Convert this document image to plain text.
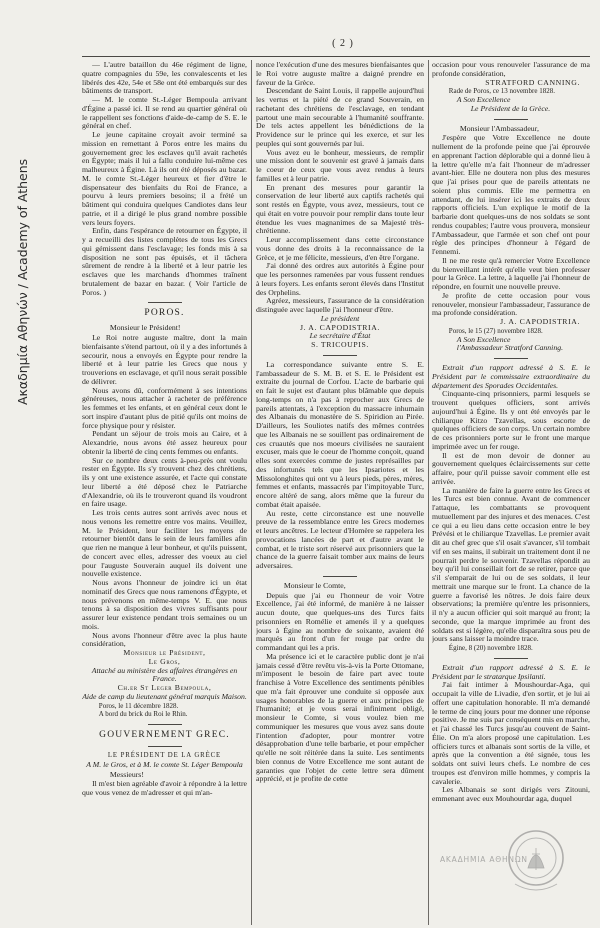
Ακαδημία Αθηνών / Academy of Athens
( 2 )

— L'autre bataillon du 46e régiment de ligne, quatre compagnies du 59e, les convalescents et les libérés des 42e, 54e et 58e ont été embarqués sur des bâtiments de transport.

— M. le comte St.-Léger Bempoula arrivant d'Égine a passé ici. Il se rend au quartier général où le rappellent ses fonctions d'aide-de-camp de S. E. le général en chef.

Le jeune capitaine croyait avoir terminé sa mission en remettant à Poros entre les mains du gouvernement grec les esclaves qu'il avait rachetés en Égypte; mais il lui a fallu conduire lui-même ces malheureux à Égine. Là ils ont été déposés au bazar. M. le comte St.-Léger heureux et fier d'être le dispensateur des bienfaits du Roi de France, a pourvu à leurs premiers besoins; il a frété un bâtiment qui conduira quelques Candiotes dans leur patrie, et il a dirigé le plus grand nombre possible vers leurs foyers.

Enfin, dans l'espérance de retourner en Égypte, il y a recueilli des listes complètes de tous les Grecs qui gémissent dans l'esclavage; les fonds mis à sa disposition ne sont pas épuisés, et il tâchera sûrement de rendre à la liberté et à leur patrie les esclaves que les marchands d'hommes traînent brutalement de bazar en bazar. ( Voir l'article de Poros. )

POROS.

Monsieur le Président!

Le Roi notre auguste maître, dont la main bienfaisante s'étend partout, où il y a des infortunés à secourir, nous a envoyés en Égypte pour rendre la liberté et à leur patrie les Grecs que nous y trouverions en esclavage, et qu'il nous serait possible de délivrer.

Nous avons dû, conformément à ses intentions généreuses, nous attacher à racheter de préférence les femmes et les enfants, et en général ceux dont le sort inspire d'autant plus de pitié qu'ils ont moins de force physique pour y résister.

Pendant un séjour de trois mois au Caire, et à Alexandrie, nous avons été assez heureux pour obtenir la liberté de cinq cents femmes ou enfants.

Sur ce nombre deux cents à-peu-près ont voulu rester en Égypte. Ils s'y trouvent chez des chrétiens, ils y ont une existence assurée, et l'acte qui constate leur liberté a été déposé chez le Patriarche d'Alexandrie, où ils le trouveront quand ils voudront en faire usage.

Les trois cents autres sont arrivés avec nous et nous venons les remettre entre vos mains. Veuillez, M. le Président, leur faciliter les moyens de retourner bientôt dans le sein de leurs familles afin que rien ne manque à leur bonheur, et qu'ils puissent, de concert avec elles, adresser des voeux au ciel pour l'auguste Souverain auquel ils doivent une nouvelle existence.

Nous avons l'honneur de joindre ici un état nominatif des Grecs que nous ramenons d'Égypte, et nous prévenons en même-temps V. E. que nous tenons à sa disposition des vivres suffisants pour assurer leur existence pendant trois semaines ou un mois.

Nous avons l'honneur d'être avec la plus haute considération,

Monsieur le Président,

Le Gros,

Attaché au ministère des affaires étrangères en France.

Ch.er St Leger Bempoula,

Aide de camp du lieutenant général marquis Maison.

Poros, le 11 décembre 1828.

A bord du brick du Roi le Rhin.

GOUVERNEMENT GREC.

LE PRÉSIDENT DE LA GRÈCE

A M. le Gros, et à M. le comte St. Léger Bempoula

Messieurs!

Il m'est bien agréable d'avoir à répondre à la lettre que vous venez de m'adresser et qui m'an-

nonce l'exécution d'une des mesures bienfaisantes que le Roi votre auguste maître a daigné prendre en faveur de la Grèce.

Descendant de Saint Louis, il rappelle aujourd'hui les vertus et la piété de ce grand Souverain, en rachetant des chrétiens de l'esclavage, en tendant partout une main secourable à l'humanité souffrante. De tels actes appellent les bénédictions de la Providence sur le prince qui les exerce, et sur les peuples qui sont gouvernés par lui.

Vous avez eu le bonheur, messieurs, de remplir une mission dont le souvenir est gravé à jamais dans le coeur de ceux que vous avez rendus à leurs familles et à leur patrie.

En prenant des mesures pour garantir la conservation de leur liberté aux captifs rachetés qui sont restés en Égypte, vous avez, messieurs, tout ce qui était en votre pouvoir pour remplir dans toute leur étendue les vues magnanimes de sa Majesté très-chrétienne.

Leur accomplissement dans cette circonstance vous donne des droits à la reconnaissance de la Grèce, et je me félicite, messieurs, d'en être l'organe.

J'ai donné des ordres aux autorités à Égine pour que les personnes ramenées par vous fussent rendues à leurs foyers. Les enfants seront élevés dans l'Institut des Orphelins.

Agréez, messieurs, l'assurance de la considération distinguée avec laquelle j'ai l'honneur d'être.

Le président

J. A. CAPODISTRIA.

Le secrétaire d'État

S. TRICOUPIS.

La correspondance suivante entre S. E. l'ambassadeur de S. M. B. et S. E. le Président est extraite du journal de Corfou. L'acte de barbarie qui en fait le sujet est d'autant plus blâmable que depuis long-temps on n'a pas à reprocher aux Grecs de pareils attentats, à l'exception du massacre inhumain des Albanais du monastère de S. Spiridion au Pirée. D'ailleurs, les Souliotes natifs des mêmes contrées que les Albanais ne se souillent pas ordinairement de ces cruautés que nos moeurs civilisées ne sauraient excuser, mais que le coeur de l'homme conçoit, quand elles sont exercées comme de justes représailles par des infortunés tels que les Ipsariotes et les Missolonghites qui ont vu à leurs pieds, pères, mères, femmes et enfants, massacrés par l'impitoyable Turc, encore altéré de sang, alors même que la fureur du combat était apaisée.

Au reste, cette circonstance est une nouvelle preuve de la ressemblance entre les Grecs modernes et leurs ancêtres. Le lecteur d'Homère se rappelera les provocations lancées de part et d'autre avant le combat, et le triste sort réservé aux prisonniers que la chance de la guerre faisait tomber aux mains de leurs adversaires.

Monsieur le Comte,

Depuis que j'ai eu l'honneur de voir Votre Excellence, j'ai été informé, de manière à ne laisser aucun doute, que quelques-uns des Turcs faits prisonniers en Romélie et amenés il y a quelques jours à Égine au nombre de soixante, avaient été marqués au front d'un fer rouge par ordre du commandant qui les a pris.

Ma présence ici et le caractère public dont je n'ai jamais cessé d'être revêtu vis-à-vis la Porte Ottomane, m'imposent le besoin de faire part avec toute franchise à Votre Excellence des sentiments pénibles que m'a fait éprouver une conduite si opposée aux usages honorables de la guerre et aux principes de l'humanité; et je vous serai infiniment obligé, monsieur le Comte, si vous voulez bien me communiquer les mesures que vous avez sans doute l'intention d'adopter, pour montrer votre désapprobation d'une telle barbarie, et pour empêcher qu'elle ne soit réitérée dans la suite. Les sentiments bien connus de Votre Excellence me sont autant de garanties que l'objet de cette lettre sera dûment apprécié, et je profite de cette

occasion pour vous renouveler l'assurance de ma profonde considération,

STRATFORD CANNING.

Rade de Poros, ce 13 novembre 1828.

A Son Excellence

Le Président de la Grèce.

Monsieur l'Ambassadeur,

J'espère que Votre Excellence ne doute nullement de la profonde peine que j'ai éprouvée en apprenant l'action déplorable qui a donné lieu à la lettre qu'elle m'a fait l'honneur de m'adresser avant-hier. Elle ne doutera non plus des mesures que j'ai prises pour que de pareils attentats ne soient plus commis. Elle me permettra en attendant, de lui insérer ici les extraits de deux rapports officiels. L'un explique le motif de la barbarie dont quelques-uns de nos soldats se sont rendus coupables; l'autre vous prouvera, monsieur l'Ambassadeur, que l'armée et son chef ont pour règle des principes d'honneur à l'égard de l'ennemi.

Il ne me reste qu'à remercier Votre Excellence du bienveillant intérêt qu'elle veut bien professer pour la Grèce. La lettre, à laquelle j'ai l'honneur de répondre, en fournit une nouvelle preuve.

Je profite de cette occasion pour vous renouveler, monsieur l'ambassadeur, l'assurance de ma profonde considération.

J. A. CAPODISTRIA.

Poros, le 15 (27) novembre 1828.

A Son Excellence

l'Ambassadeur Stratford Canning.

Extrait d'un rapport adressé à S. E. le Président par le commissaire extraordinaire du département des Sporades Occidentales.

Cinquante-cinq prisonniers, parmi lesquels se trouvent quelques officiers, sont arrivés aujourd'hui à Égine. Ils y ont été envoyés par le chiliarque Kitzo Tzavellas, sous escorte de quelques officiers de son corps. Un certain nombre de ces prisonniers porte sur le front une marque imprimée avec un fer rouge.

Il est de mon devoir de donner au gouvernement quelques éclaircissements sur cette affaire, pour qu'il puisse savoir comment elle est arrivée.

La manière de faire la guerre entre les Grecs et les Turcs est bien connue. Avant de commencer l'attaque, les combattants se provoquent mutuellement par des injures et des menaces. C'est ce qui a eu lieu dans cette occasion entre le bey Prévési et le chiliarque Tzavellas. Le premier avait dit au chef grec que s'il osait s'avancer, s'il tombait vif en ses mains, il subirait un traitement dont il ne pourrait perdre le souvenir. Tzavellas répondit au bey qu'il lui conseillait fort de se retirer, parce que s'il s'emparait de lui ou de ses soldats, il leur mettrait une marque sur le front. La chance de la guerre a favorisé les nôtres. Je dois faire deux observations; la première qu'entre les prisonniers, il n'y a aucun officier qui soit marqué au front; la seconde, que la marque imprimée au front des soldats est si légère, qu'elle disparaîtra sous peu de jours sans laisser la moindre trace.

Égine, 8 (20) novembre 1828.

Extrait d'un rapport adressé à S. E. le Président par le stratarque Ipsilanti.

J'ai fait intimer à Moushourdar-Aga, qui occupait la ville de Livadie, d'en sortir, et je lui ai offert une capitulation honorable. Il m'a demandé le terme de cinq jours pour me donner une réponse positive. Je me suis par conséquent mis en marche, et j'ai chassé les Turcs jusqu'au couvent de Saint-Élie. On m'a alors proposé une capitulation. Les officiers turcs et albanais sont sortis de la ville, et après que la convention a été signée, tous les soldats ont suivi leurs chefs. Le nombre de ces troupes est d'environ mille hommes, y compris la cavalerie.

Les Albanais se sont dirigés vers Zitouni, emmenant avec eux Mouhourdar aga, duquel

ΑΚΑΔΗΜΙΑ ΑΘΗΝΩΝ
